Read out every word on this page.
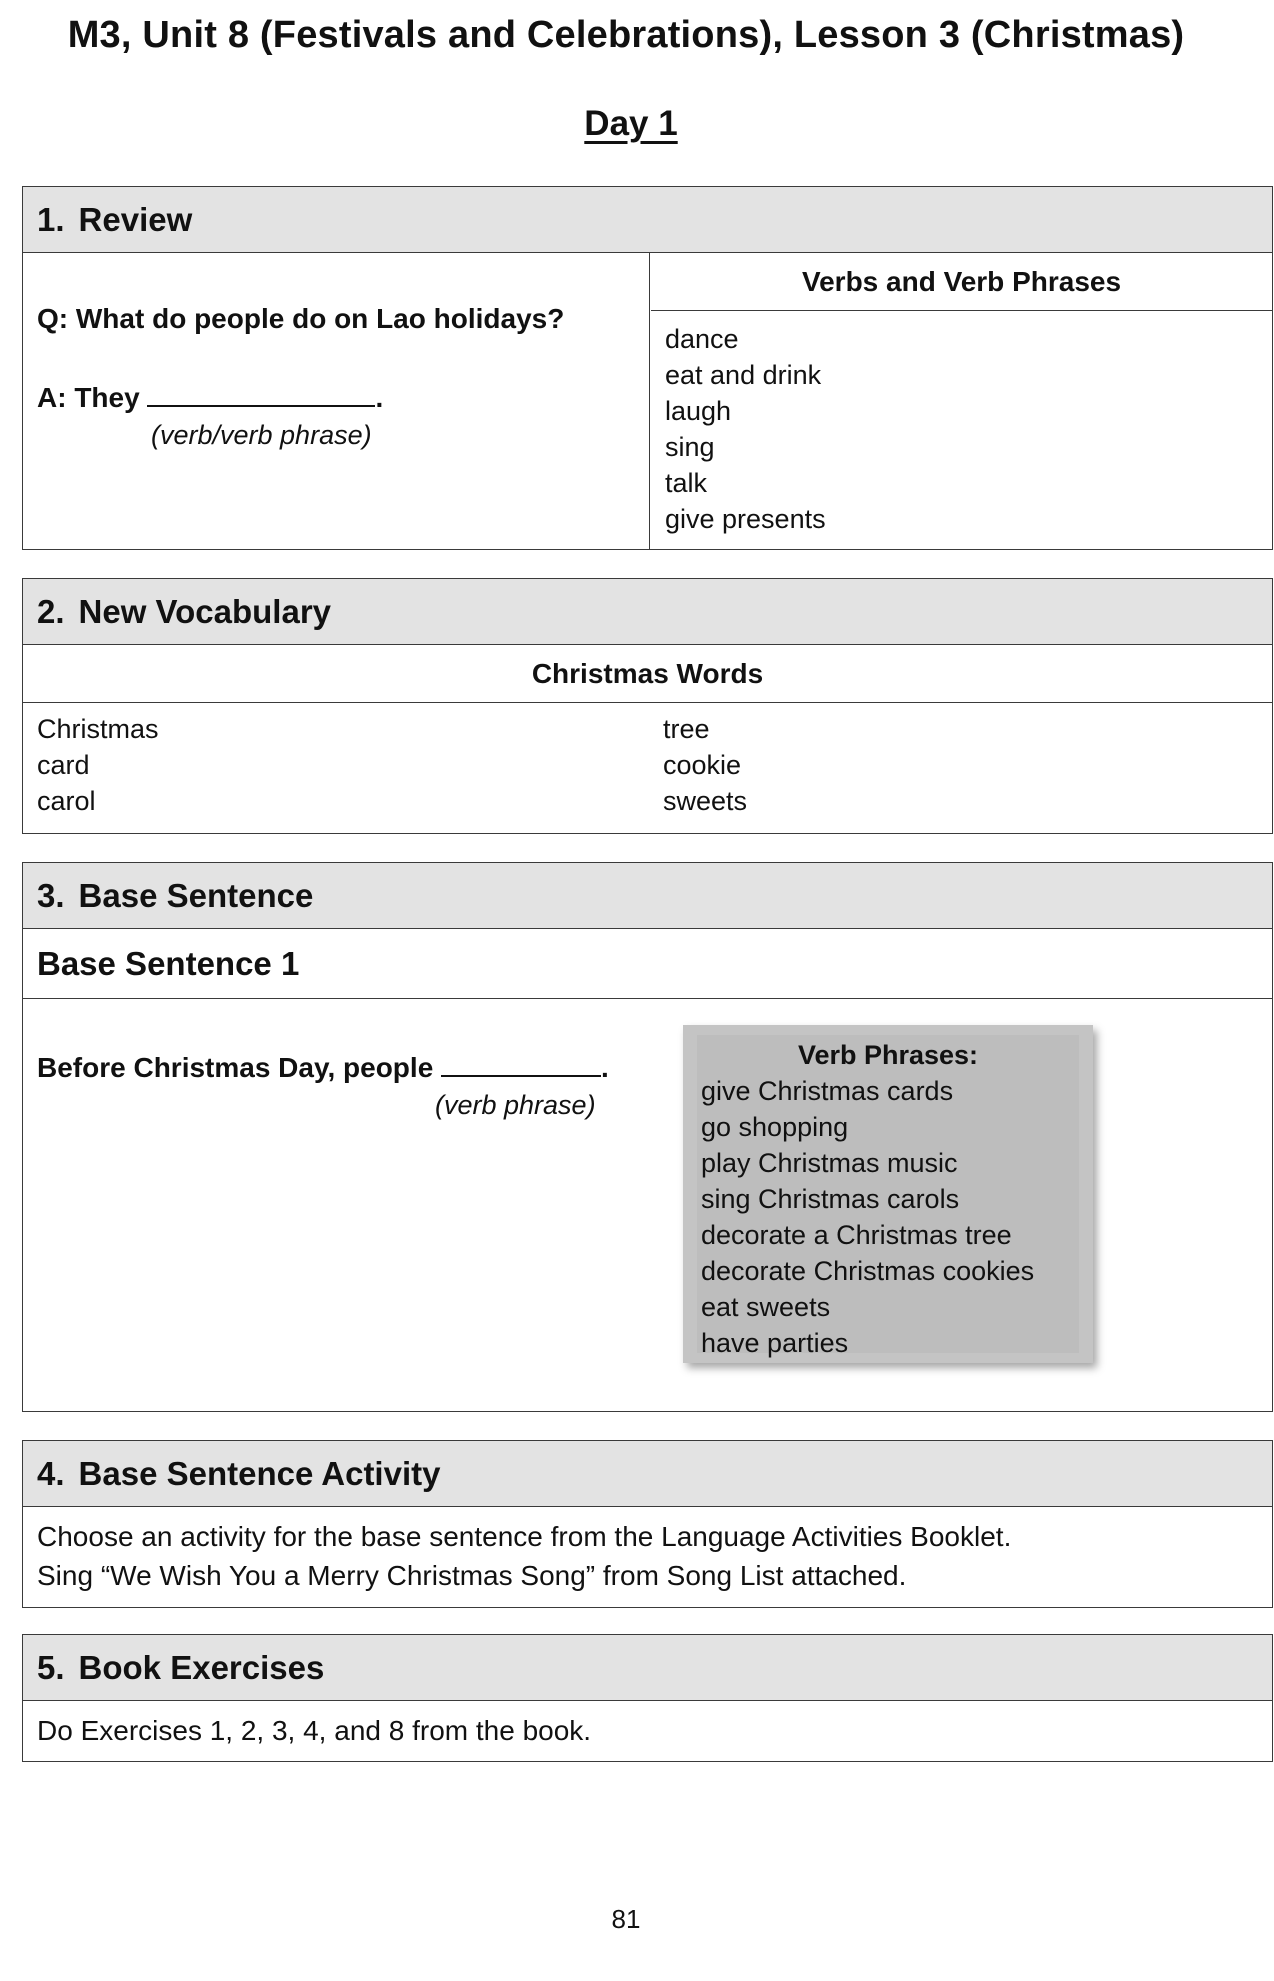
M3, Unit 8 (Festivals and Celebrations), Lesson 3 (Christmas)
Day 1
1. Review
Q: What do people do on Lao holidays?
A: They	.
(verb/verb phrase)
Verbs and Verb Phrases
dance
eat and drink
laugh
sing
talk
give presents
2. New Vocabulary
Christmas Words
Christmas
card
carol
tree
cookie
sweets
3. Base Sentence
Base Sentence 1
Before Christmas Day, people	.
(verb phrase)
Verb Phrases:
give Christmas cards
go shopping
play Christmas music
sing Christmas carols
decorate a Christmas tree
decorate Christmas cookies
eat sweets
have parties
4. Base Sentence Activity
Choose an activity for the base sentence from the Language Activities Booklet.
Sing “We Wish You a Merry Christmas Song” from Song List attached.
5. Book Exercises
Do Exercises 1, 2, 3, 4, and 8 from the book.
81
